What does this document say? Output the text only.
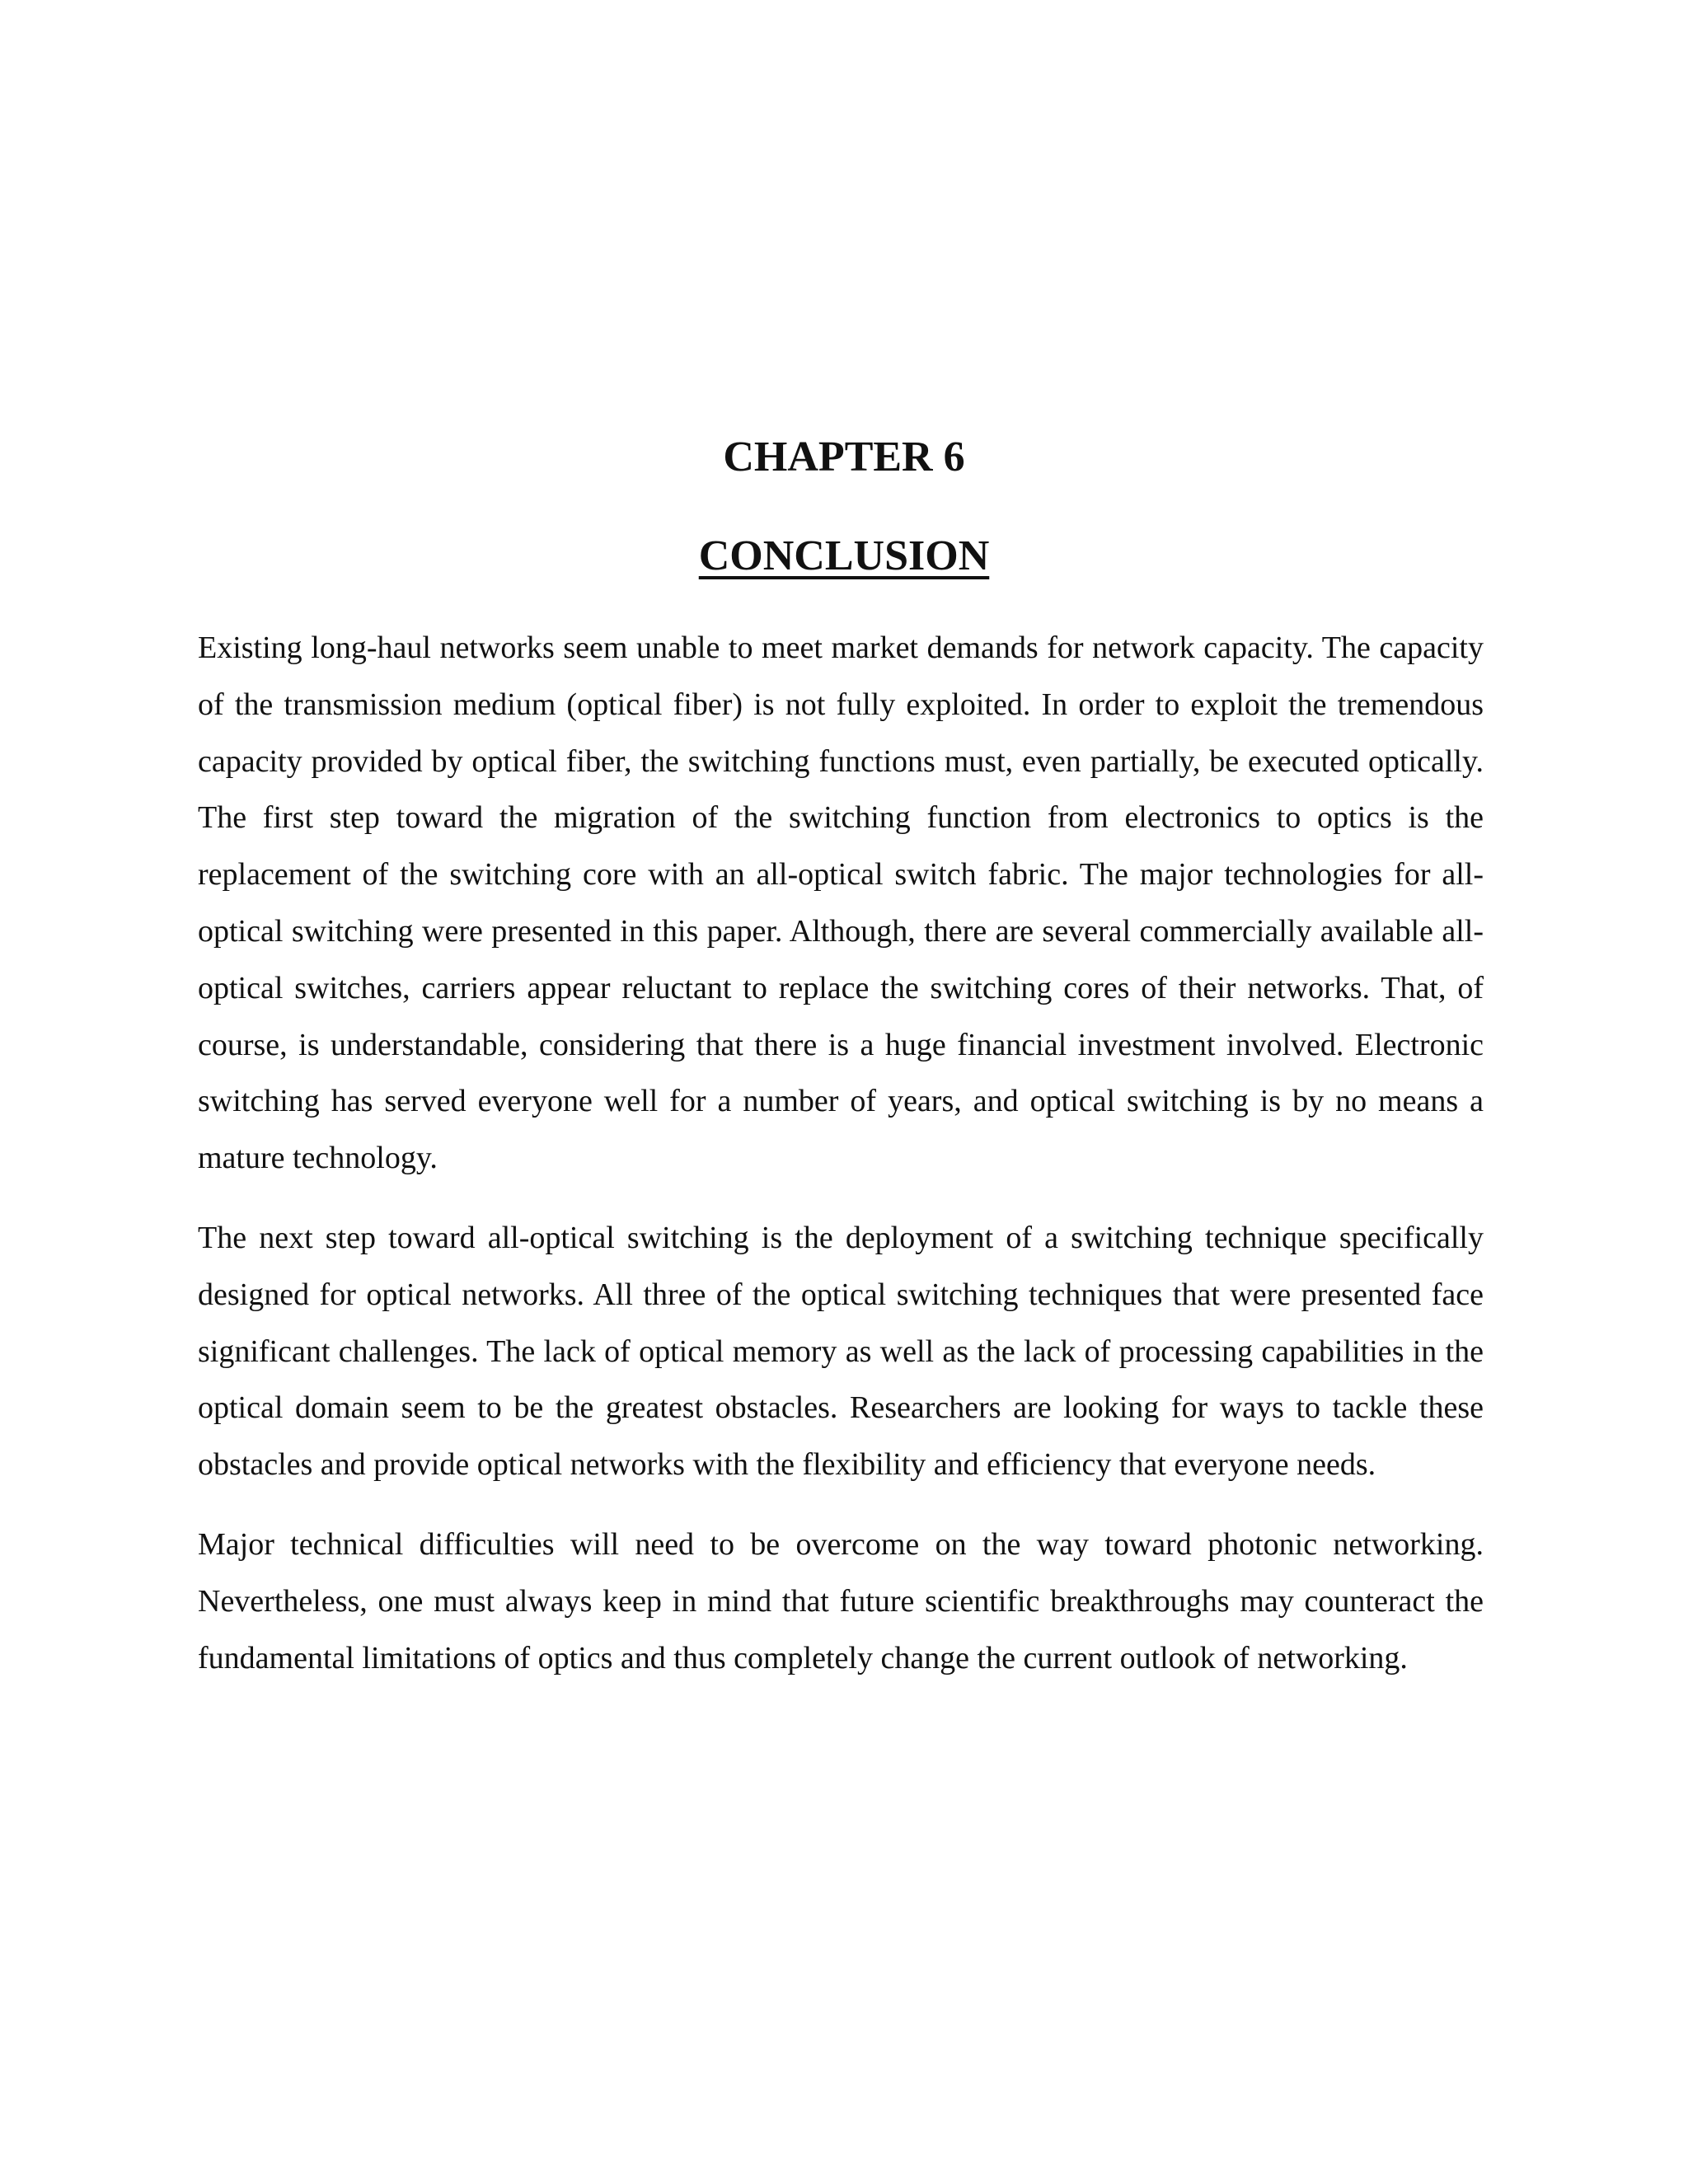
CHAPTER 6
CONCLUSION

Existing long-haul networks seem unable to meet market demands for network capacity. The capacity of the transmission medium (optical fiber) is not fully exploited. In order to exploit the tremendous capacity provided by optical fiber, the switching functions must, even partially, be executed optically. The first step toward the migration of the switching function from electronics to optics is the replacement of the switching core with an all-optical switch fabric. The major technologies for all-optical switching were presented in this paper. Although, there are several commercially available all-optical switches, carriers appear reluctant to replace the switching cores of their networks. That, of course, is understandable, considering that there is a huge financial investment involved. Electronic switching has served everyone well for a number of years, and optical switching is by no means a mature technology.

The next step toward all-optical switching is the deployment of a switching technique specifically designed for optical networks. All three of the optical switching techniques that were presented face significant challenges. The lack of optical memory as well as the lack of processing capabilities in the optical domain seem to be the greatest obstacles. Researchers are looking for ways to tackle these obstacles and provide optical networks with the flexibility and efficiency that everyone needs.

Major technical difficulties will need to be overcome on the way toward photonic networking. Nevertheless, one must always keep in mind that future scientific breakthroughs may counteract the fundamental limitations of optics and thus completely change the current outlook of networking.
